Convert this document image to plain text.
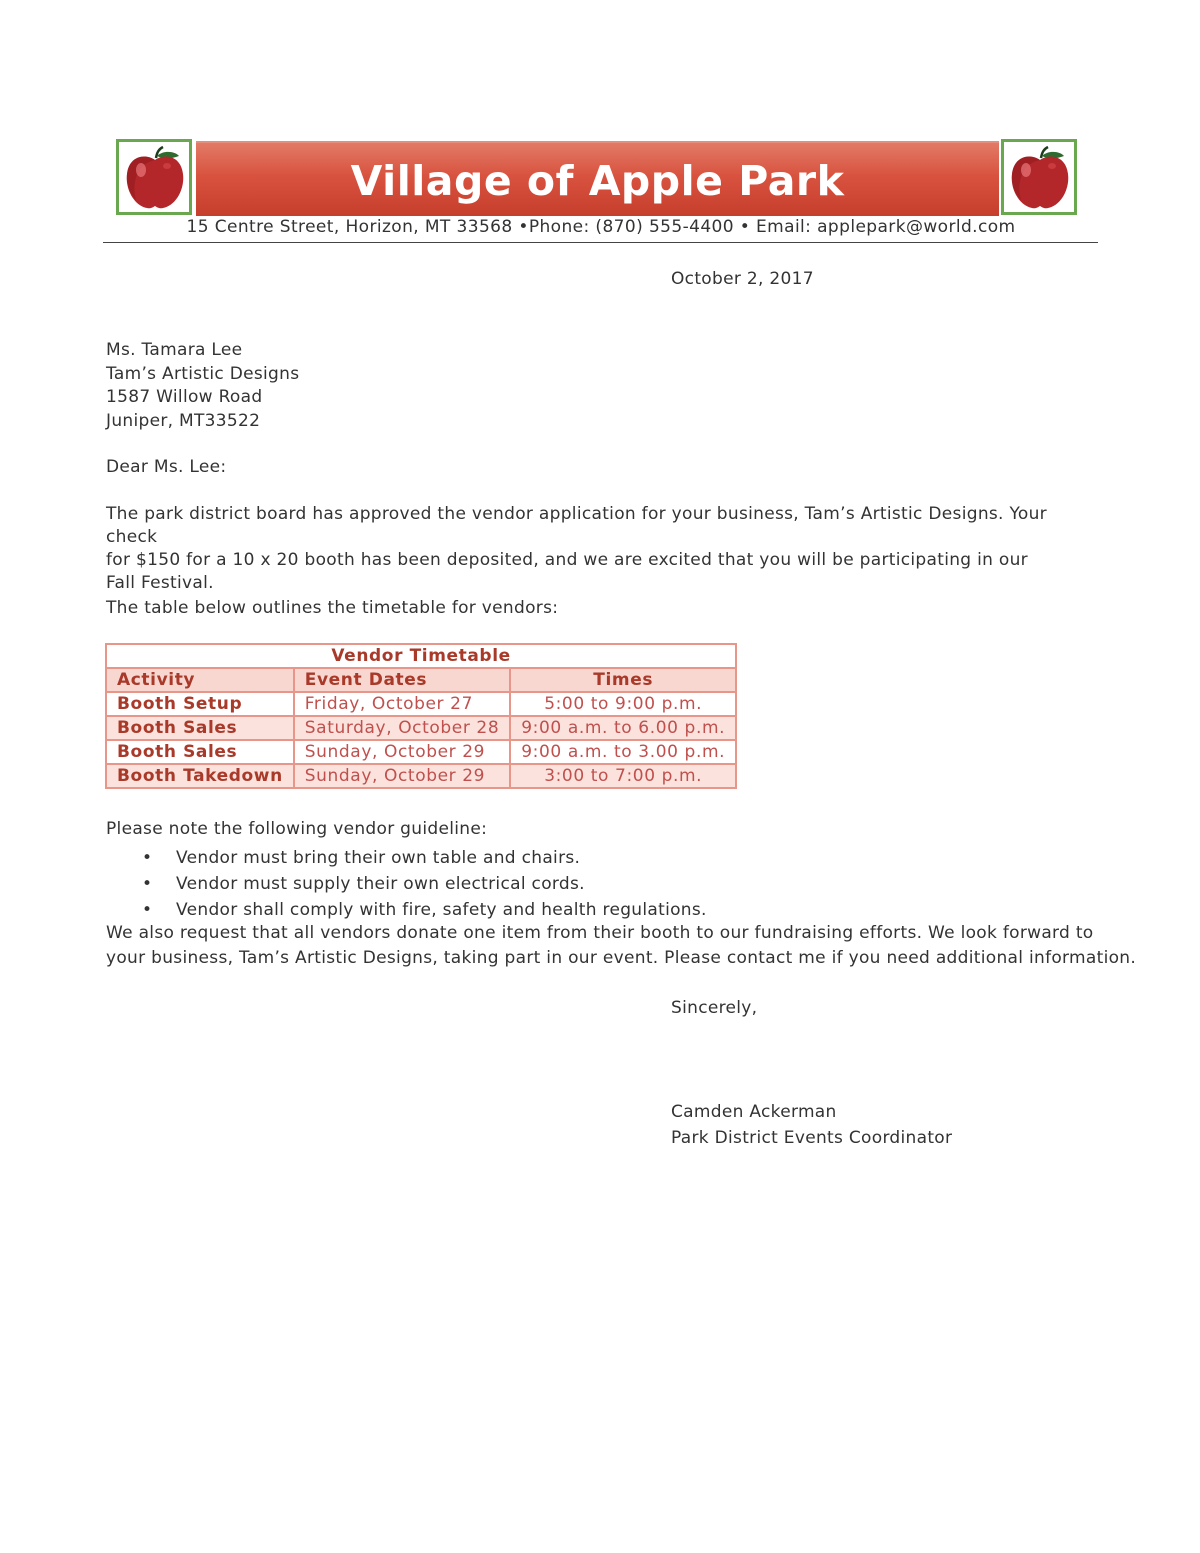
Village of Apple Park
15 Centre Street, Horizon, MT 33568 •Phone: (870) 555-4400 • Email: applepark@world.com
October 2, 2017
Ms. Tamara Lee
Tam’s Artistic Designs
1587 Willow Road
Juniper, MT33522
Dear Ms. Lee:
The park district board has approved the vendor application for your business, Tam’s Artistic Designs. Your check
for $150 for a 10 x 20 booth has been deposited, and we are excited that you will be participating in our
Fall Festival.
The table below outlines the timetable for vendors:
Vendor Timetable		
Activity	Event Dates	Times
Booth Setup	Friday, October 27	5:00 to 9:00 p.m.
Booth Sales	Saturday, October 28	9:00 a.m. to 6.00 p.m.
Booth Sales	Sunday, October 29	9:00 a.m. to 3.00 p.m.
Booth Takedown	Sunday, October 29	3:00 to 7:00 p.m.
Please note the following vendor guideline:
• Vendor must bring their own table and chairs.
• Vendor must supply their own electrical cords.
• Vendor shall comply with fire, safety and health regulations.
We also request that all vendors donate one item from their booth to our fundraising efforts. We look forward to
your business, Tam’s Artistic Designs, taking part in our event. Please contact me if you need additional information.
Sincerely,
Camden Ackerman
Park District Events Coordinator
